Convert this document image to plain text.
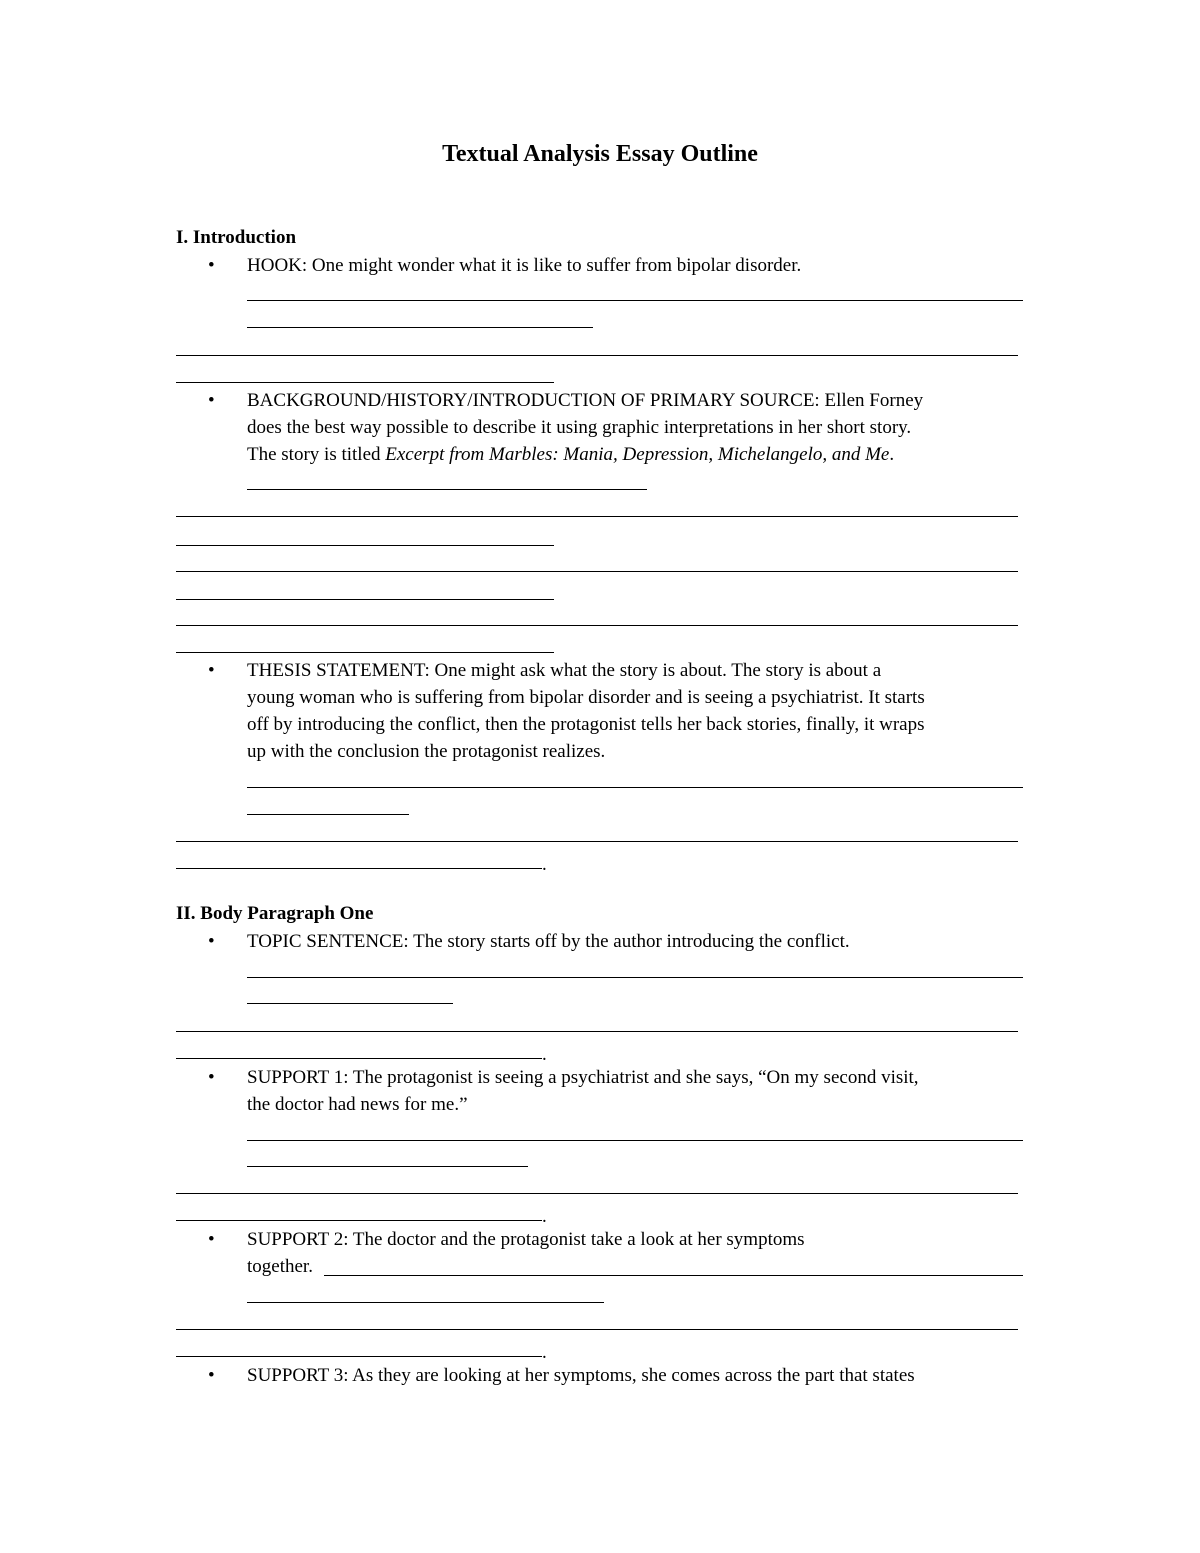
Textual Analysis Essay Outline
I. Introduction
• HOOK: One might wonder what it is like to suffer from bipolar disorder.
• BACKGROUND/HISTORY/INTRODUCTION OF PRIMARY SOURCE: Ellen Forney
does the best way possible to describe it using graphic interpretations in her short story.
The story is titled Excerpt from Marbles: Mania, Depression, Michelangelo, and Me.
• THESIS STATEMENT: One might ask what the story is about. The story is about a
young woman who is suffering from bipolar disorder and is seeing a psychiatrist. It starts
off by introducing the conflict, then the protagonist tells her back stories, finally, it wraps
up with the conclusion the protagonist realizes.
.
II. Body Paragraph One
• TOPIC SENTENCE: The story starts off by the author introducing the conflict.
.
• SUPPORT 1: The protagonist is seeing a psychiatrist and she says, “On my second visit,
the doctor had news for me.”
.
• SUPPORT 2: The doctor and the protagonist take a look at her symptoms
together.
.
• SUPPORT 3: As they are looking at her symptoms, she comes across the part that states
